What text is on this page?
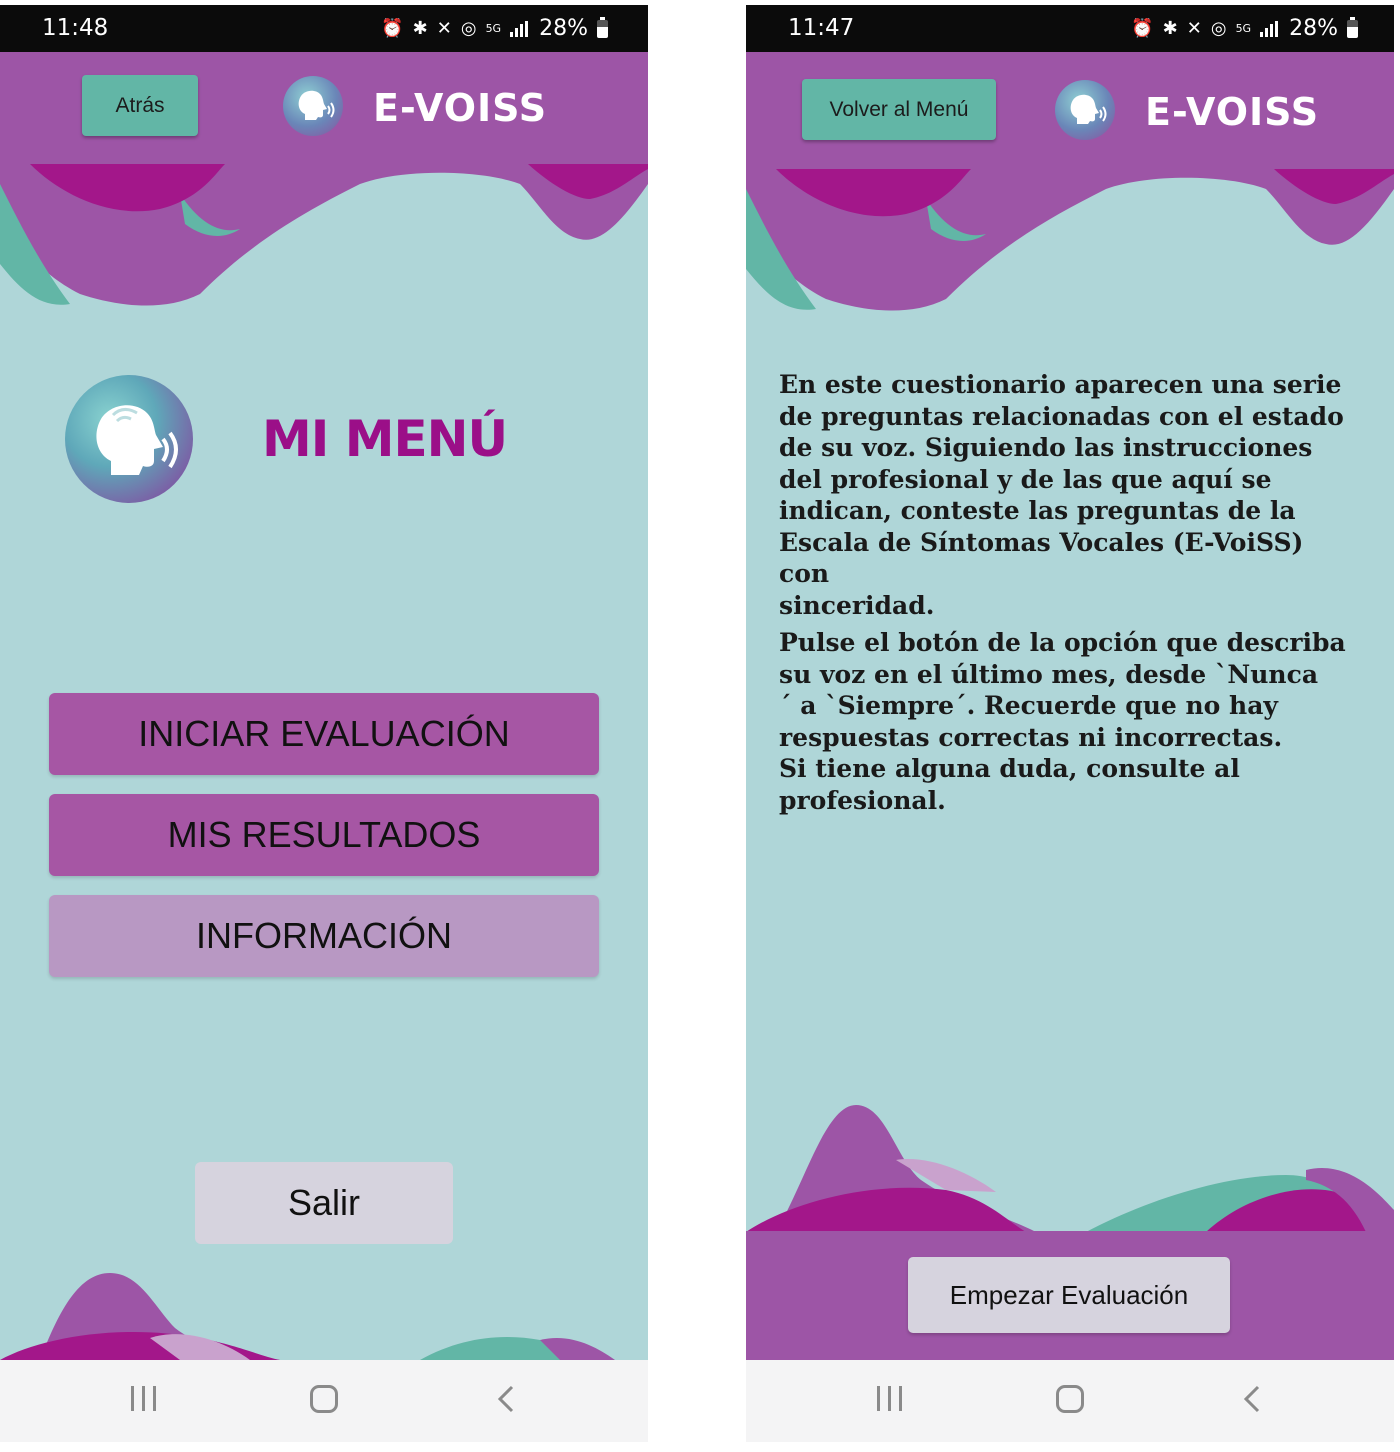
11:48	⏰ ✱ ✕ ◎ 5G 28%
Atrás	E-VOISS
MI MENÚ
INICIAR EVALUACIÓN
MIS RESULTADOS
INFORMACIÓN
Salir
11:47	⏰ ✱ ✕ ◎ 5G 28%
Volver al Menú	E-VOISS
En este cuestionario aparecen una serie
de preguntas relacionadas con el estado
de su voz. Siguiendo las instrucciones
del profesional y de las que aquí se
indican, conteste las preguntas de la
Escala de Síntomas Vocales (E-VoiSS) con
sinceridad.
Pulse el botón de la opción que describa
su voz en el último mes, desde `Nunca
´ a `Siempre´. Recuerde que no hay
respuestas correctas ni incorrectas.
Si tiene alguna duda, consulte al
profesional.
Empezar Evaluación
